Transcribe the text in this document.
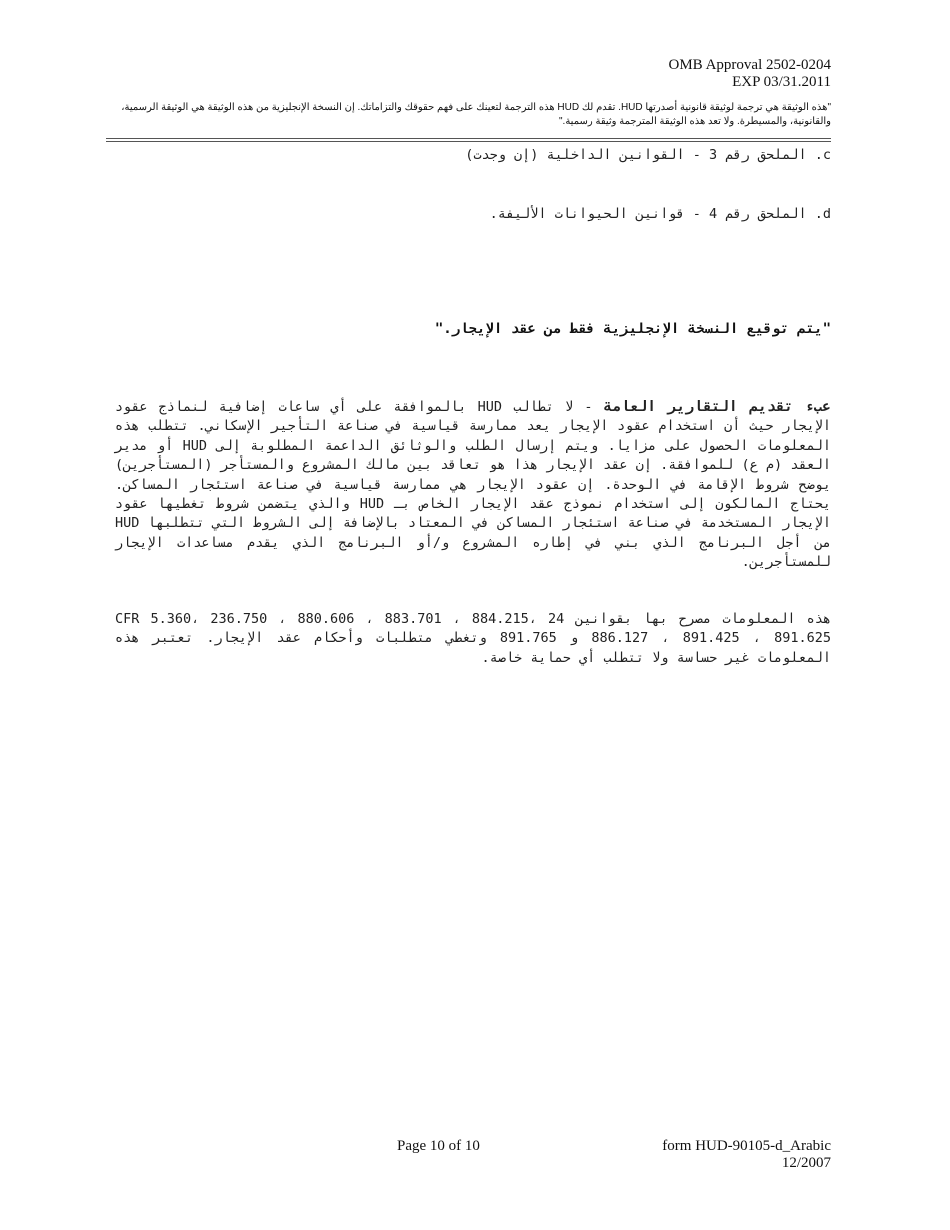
OMB Approval 2502-0204
EXP 03/31.2011
"هذه الوثيقة هي ترجمة لوثيقة قانونية أصدرتها HUD. تقدم لك HUD هذه الترجمة لتعينك على فهم حقوقك والتزاماتك. إن النسخة الإنجليزية من هذه الوثيقة هي الوثيقة الرسمية، والقانونية، والمسيطرة. ولا تعد هذه الوثيقة المترجمة وثيقة رسمية."
c. الملحق رقم 3 - القوانين الداخلية (إن وجدت)
d. الملحق رقم 4 - قوانين الحيوانات الأليفة.
"يتم توقيع النسخة الإنجليزية فقط من عقد الإيجار."
عبء تقديم التقارير العامة - لا تطالب HUD بالموافقة على أي ساعات إضافية لنماذج عقود الإيجار حيث أن استخدام عقود الإيجار يعد ممارسة قياسية في صناعة التأجير الإسكاني. تتطلب هذه المعلومات الحصول على مزايا. ويتم إرسال الطلب والوثائق الداعمة المطلوبة إلى HUD أو مدير العقد (م ع) للموافقة. إن عقد الإيجار هذا هو تعاقد بين مالك المشروع والمستأجر (المستأجرين) يوضح شروط الإقامة في الوحدة. إن عقود الإيجار هي ممارسة قياسية في صناعة استئجار المساكن. يحتاج المالكون إلى استخدام نموذج عقد الإيجار الخاص بـ HUD والذي يتضمن شروط تغطيها عقود الإيجار المستخدمة في صناعة استئجار المساكن في المعتاد بالإضافة إلى الشروط التي تتطلبها HUD من أجل البرنامج الذي بني في إطاره المشروع و/أو البرنامج الذي يقدم مساعدات الإيجار للمستأجرين.
هذه المعلومات مصرح بها بقوانين 24 CFR 5.360، 236.750 ، 880.606 ، 883.701 ، 884.215، 886.127 ، 891.425 ، 891.625 و 891.765 وتغطي متطلبات وأحكام عقد الإيجار. تعتبر هذه المعلومات غير حساسة ولا تتطلب أي حماية خاصة.
Page 10 of 10	form HUD-90105-d_Arabic
12/2007
